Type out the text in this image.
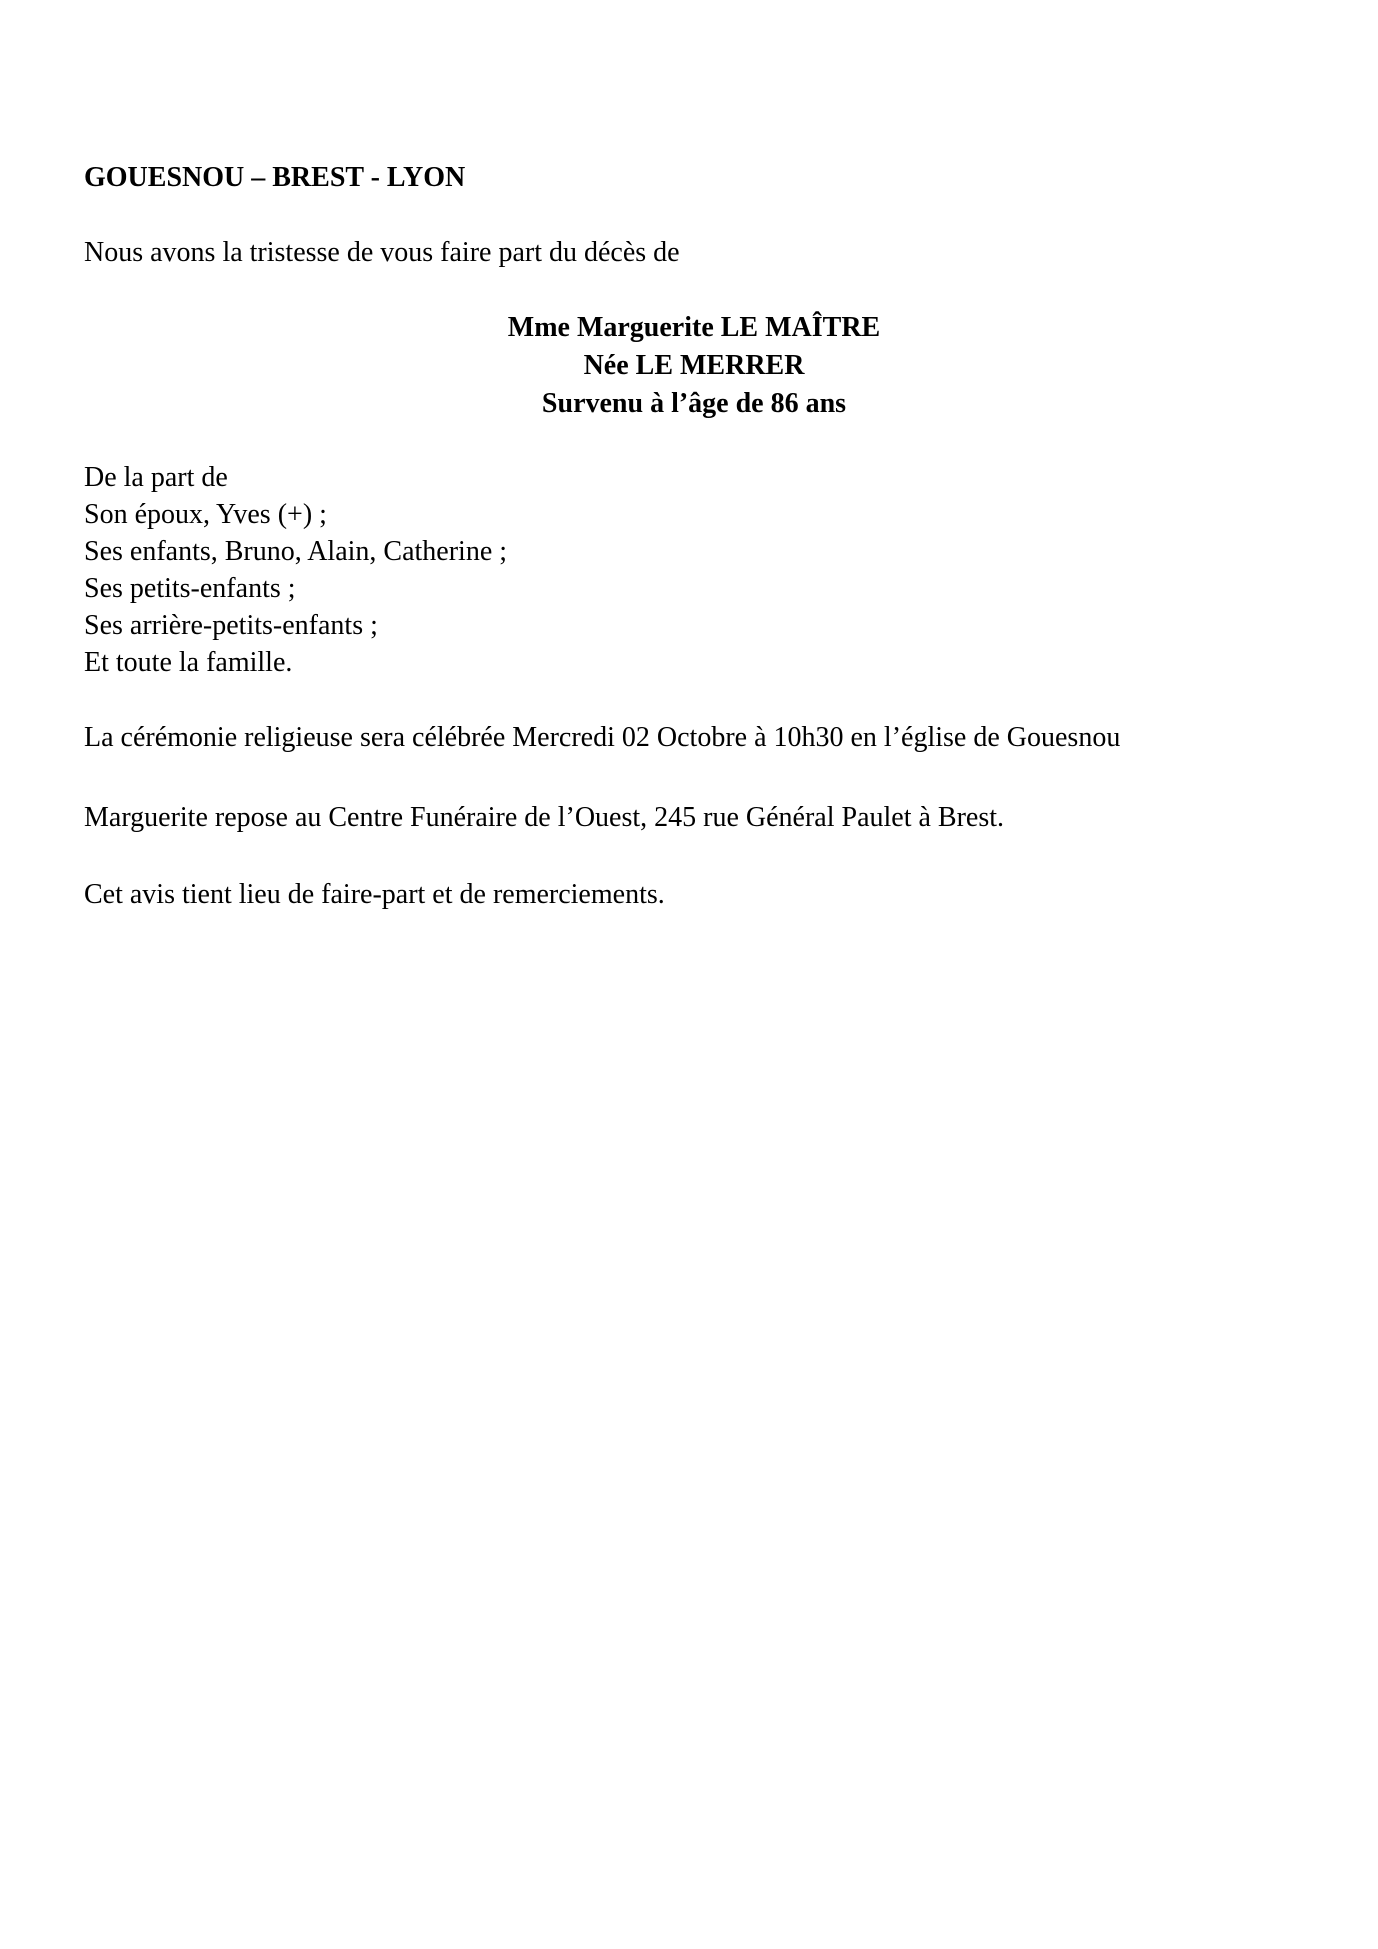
GOUESNOU – BREST - LYON
Nous avons la tristesse de vous faire part du décès de
Mme Marguerite LE MAÎTRE
Née LE MERRER
Survenu à l’âge de 86 ans
De la part de
Son époux, Yves (+) ;
Ses enfants, Bruno, Alain, Catherine ;
Ses petits-enfants ;
Ses arrière-petits-enfants ;
Et toute la famille.
La cérémonie religieuse sera célébrée Mercredi 02 Octobre à 10h30 en l’église de Gouesnou
Marguerite repose au Centre Funéraire de l’Ouest, 245 rue Général Paulet à Brest.
Cet avis tient lieu de faire-part et de remerciements.
